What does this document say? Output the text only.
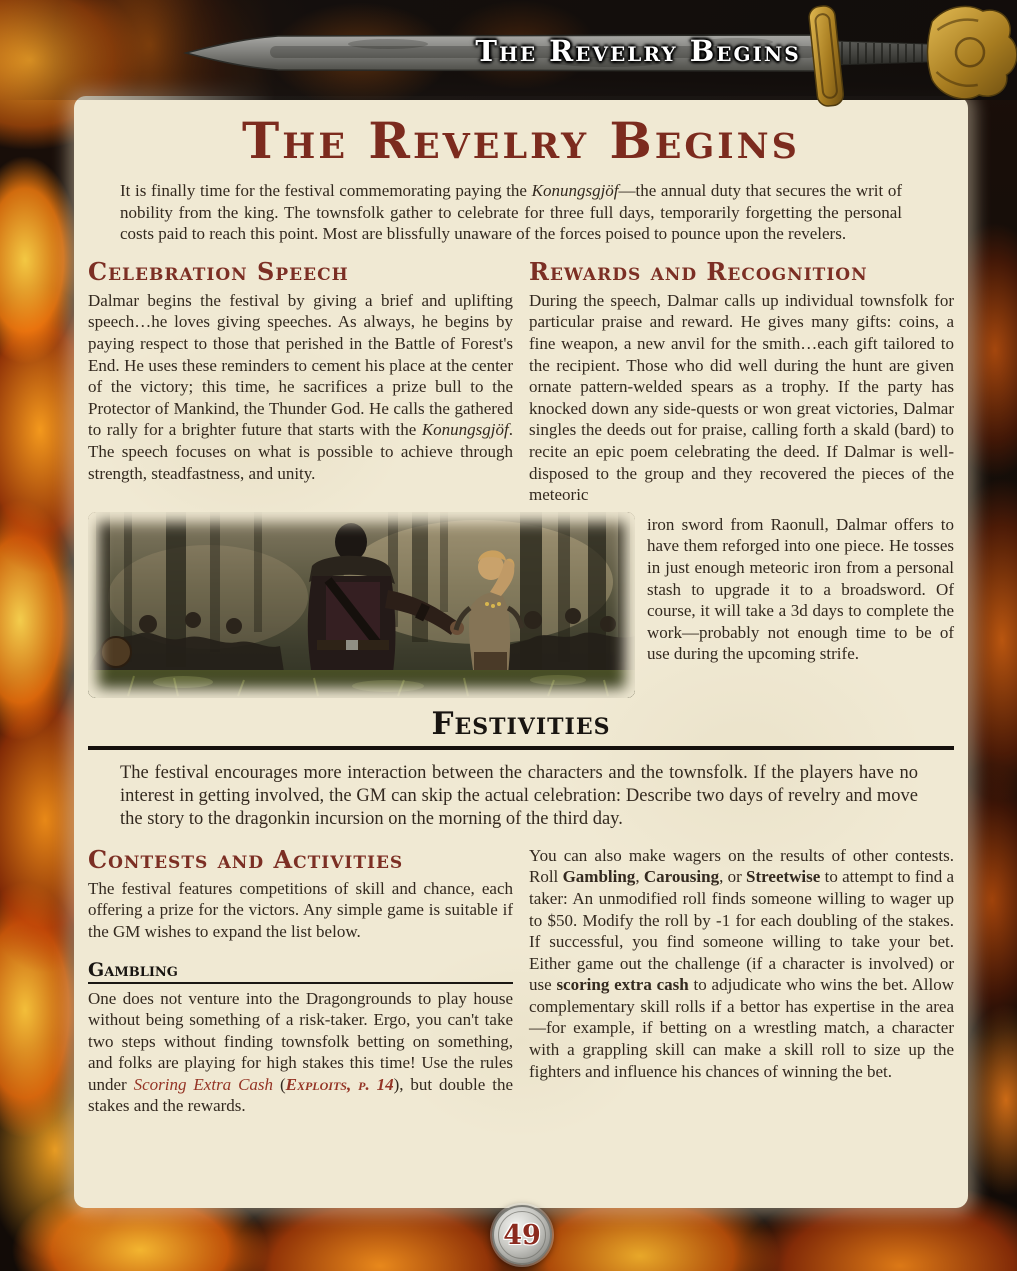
The Revelry Begins
The Revelry Begins
It is finally time for the festival commemorating paying the Konungsgjöf—the annual duty that secures the writ of nobility from the king. The townsfolk gather to celebrate for three full days, temporarily forgetting the personal costs paid to reach this point. Most are blissfully unaware of the forces poised to pounce upon the revelers.
Celebration Speech
Dalmar begins the festival by giving a brief and uplifting speech…he loves giving speeches. As always, he begins by paying respect to those that perished in the Battle of Forest's End. He uses these reminders to cement his place at the center of the victory; this time, he sacrifices a prize bull to the Protector of Mankind, the Thunder God. He calls the gathered to rally for a brighter future that starts with the Konungsgjöf. The speech focuses on what is possible to achieve through strength, steadfastness, and unity.
Rewards and Recognition
During the speech, Dalmar calls up individual townsfolk for particular praise and reward. He gives many gifts: coins, a fine weapon, a new anvil for the smith…each gift tailored to the recipient. Those who did well during the hunt are given ornate pattern-welded spears as a trophy. If the party has knocked down any side-quests or won great victories, Dalmar singles the deeds out for praise, calling forth a skald (bard) to recite an epic poem celebrating the deed. If Dalmar is well-disposed to the group and they recovered the pieces of the meteoric
iron sword from Raonull, Dalmar offers to have them reforged into one piece. He tosses in just enough meteoric iron from a personal stash to upgrade it to a broadsword. Of course, it will take a 3d days to complete the work—probably not enough time to be of use during the upcoming strife.
Festivities
The festival encourages more interaction between the characters and the townsfolk. If the players have no interest in getting involved, the GM can skip the actual celebration: Describe two days of revelry and move the story to the dragonkin incursion on the morning of the third day.
Contests and Activities
The festival features competitions of skill and chance, each offering a prize for the victors. Any simple game is suitable if the GM wishes to expand the list below.
Gambling
One does not venture into the Dragongrounds to play house without being something of a risk-taker. Ergo, you can't take two steps without finding townsfolk betting on something, and folks are playing for high stakes this time! Use the rules under Scoring Extra Cash (Exploits, p. 14), but double the stakes and the rewards.
You can also make wagers on the results of other contests. Roll Gambling, Carousing, or Streetwise to attempt to find a taker: An unmodified roll finds someone willing to wager up to $50. Modify the roll by -1 for each doubling of the stakes. If successful, you find someone willing to take your bet. Either game out the challenge (if a character is involved) or use scoring extra cash to adjudicate who wins the bet. Allow complementary skill rolls if a bettor has expertise in the area—for example, if betting on a wrestling match, a character with a grappling skill can make a skill roll to size up the fighters and influence his chances of winning the bet.
49
